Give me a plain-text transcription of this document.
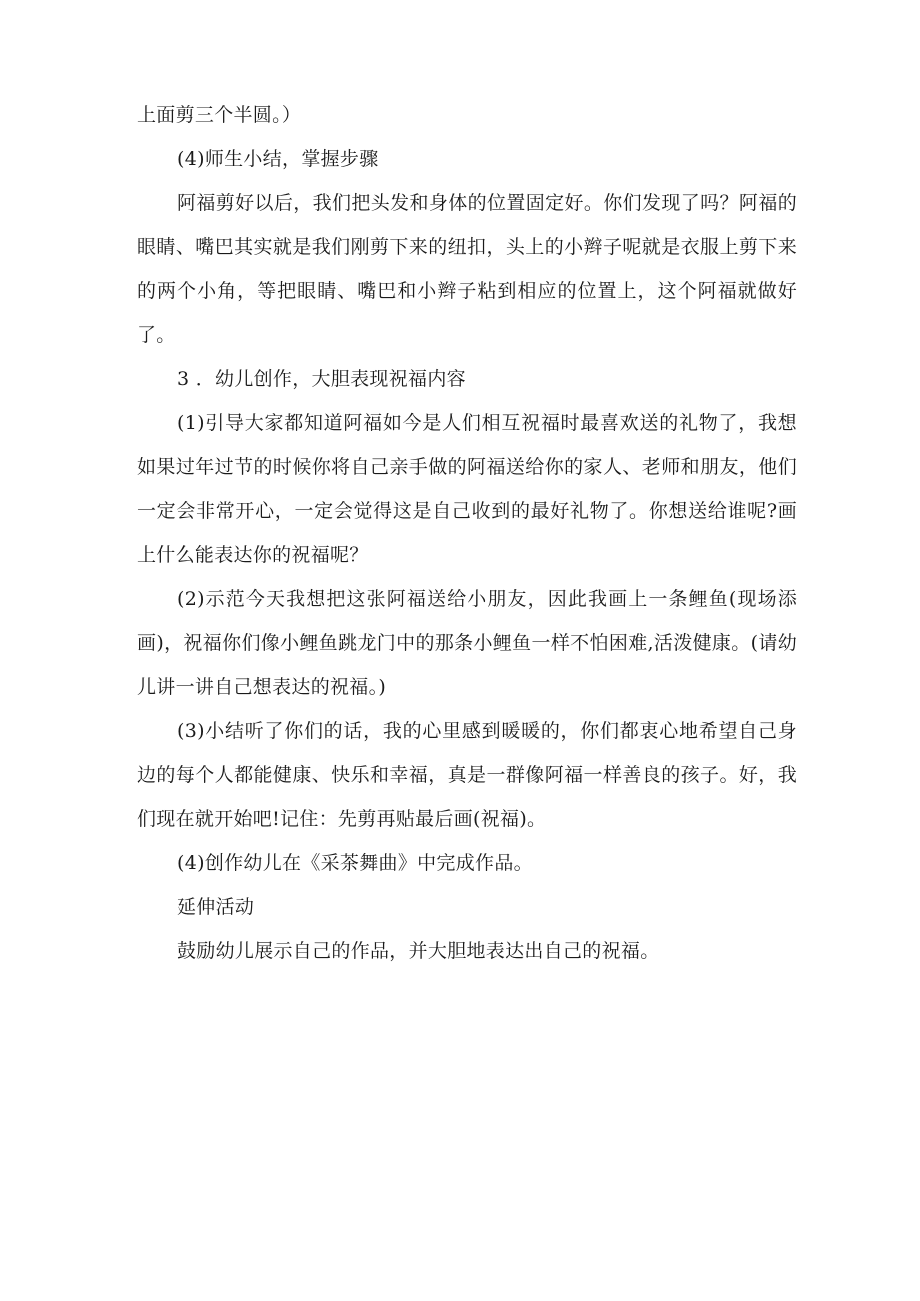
上面剪三个半圆。）

(4)师生小结，掌握步骤

阿福剪好以后，我们把头发和身体的位置固定好。你们发现了吗？阿福的眼睛、嘴巴其实就是我们刚剪下来的纽扣，头上的小辫子呢就是衣服上剪下来的两个小角，等把眼睛、嘴巴和小辫子粘到相应的位置上，这个阿福就做好了。

3 ．幼儿创作，大胆表现祝福内容

(1)引导大家都知道阿福如今是人们相互祝福时最喜欢送的礼物了，我想如果过年过节的时候你将自己亲手做的阿福送给你的家人、老师和朋友，他们一定会非常开心，一定会觉得这是自己收到的最好礼物了。你想送给谁呢?画上什么能表达你的祝福呢？

(2)示范今天我想把这张阿福送给小朋友，因此我画上一条鲤鱼(现场添画)，祝福你们像小鲤鱼跳龙门中的那条小鲤鱼一样不怕困难,活泼健康。(请幼儿讲一讲自己想表达的祝福。)

(3)小结听了你们的话，我的心里感到暖暖的，你们都衷心地希望自己身边的每个人都能健康、快乐和幸福，真是一群像阿福一样善良的孩子。好，我们现在就开始吧!记住：先剪再贴最后画(祝福)。

(4)创作幼儿在《采茶舞曲》中完成作品。

延伸活动

鼓励幼儿展示自己的作品，并大胆地表达出自己的祝福。
